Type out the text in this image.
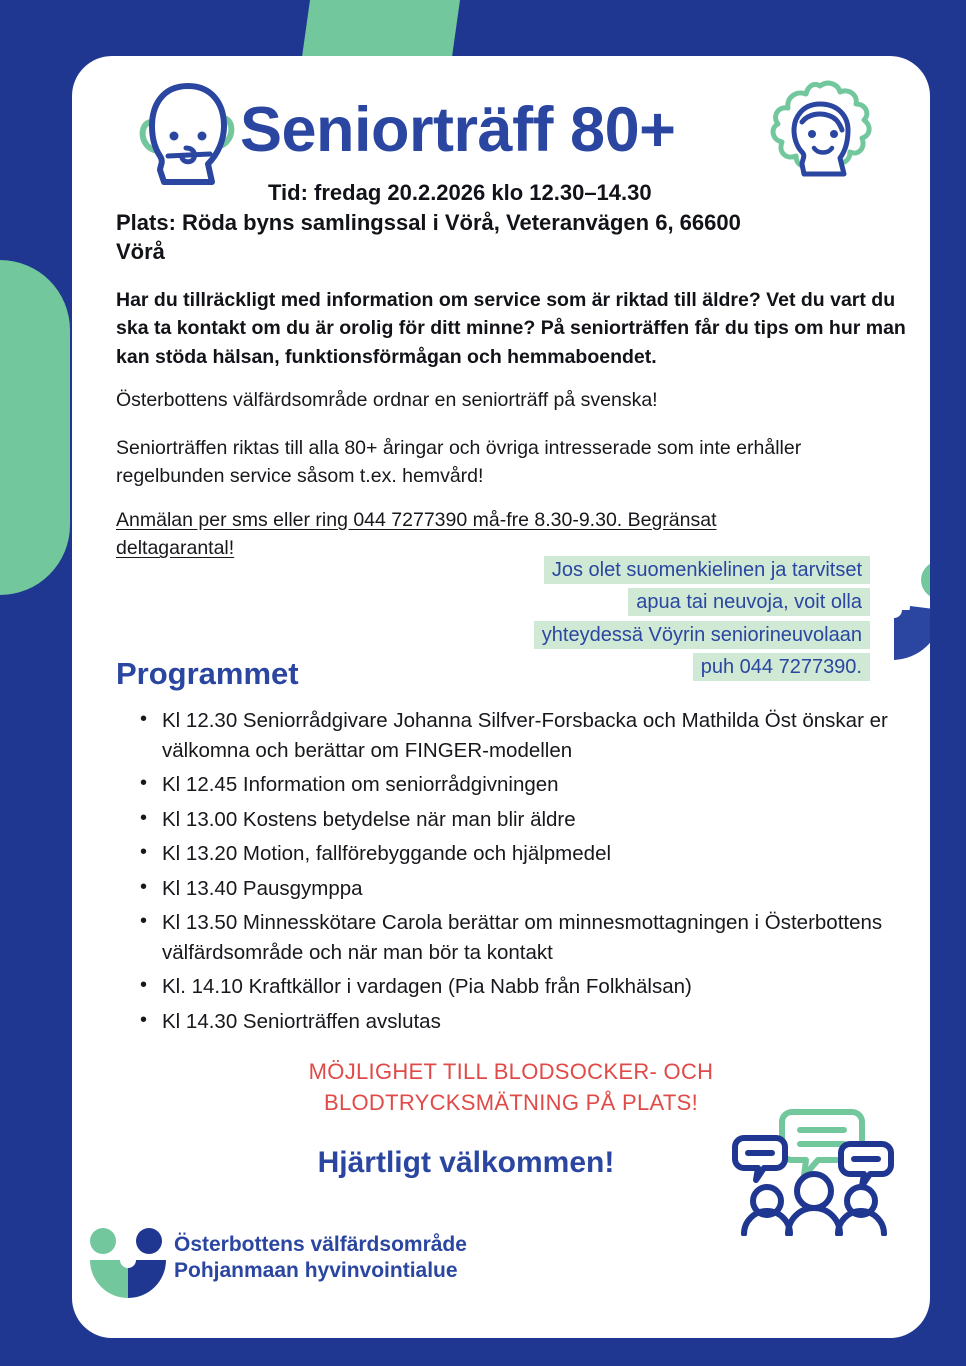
Seniorträff 80+
Tid: fredag 20.2.2026 klo 12.30–14.30
Plats: Röda byns samlingssal i Vörå, Veteranvägen 6, 66600 Vörå
Har du tillräckligt med information om service som är riktad till äldre? Vet du vart du ska ta kontakt om du är orolig för ditt minne? På seniorträffen får du tips om hur man kan stöda hälsan, funktionsförmågan och hemmaboendet.
Österbottens välfärdsområde ordnar en seniorträff på svenska!
Seniorträffen riktas till alla 80+ åringar och övriga intresserade som inte erhåller regelbunden service såsom t.ex. hemvård!
Anmälan per sms eller ring 044 7277390 må-fre 8.30-9.30. Begränsat deltagarantal!
Jos olet suomenkielinen ja tarvitset
apua tai neuvoja, voit olla
yhteydessä Vöyrin seniorineuvolaan
puh 044 7277390.
Programmet
• Kl 12.30 Seniorrådgivare Johanna Silfver-Forsbacka och Mathilda Öst önskar er välkomna och berättar om FINGER-modellen
• Kl 12.45 Information om seniorrådgivningen
• Kl 13.00 Kostens betydelse när man blir äldre
• Kl 13.20 Motion, fallförebyggande och hjälpmedel
• Kl 13.40 Pausgymppa
• Kl 13.50 Minnesskötare Carola berättar om minnesmottagningen i Österbottens välfärdsområde och när man bör ta kontakt
• Kl. 14.10 Kraftkällor i vardagen (Pia Nabb från Folkhälsan)
• Kl 14.30 Seniorträffen avslutas
MÖJLIGHET TILL BLODSOCKER- OCH
BLODTRYCKSMÄTNING PÅ PLATS!
Hjärtligt välkommen!
Österbottens välfärdsområde
Pohjanmaan hyvinvointialue
